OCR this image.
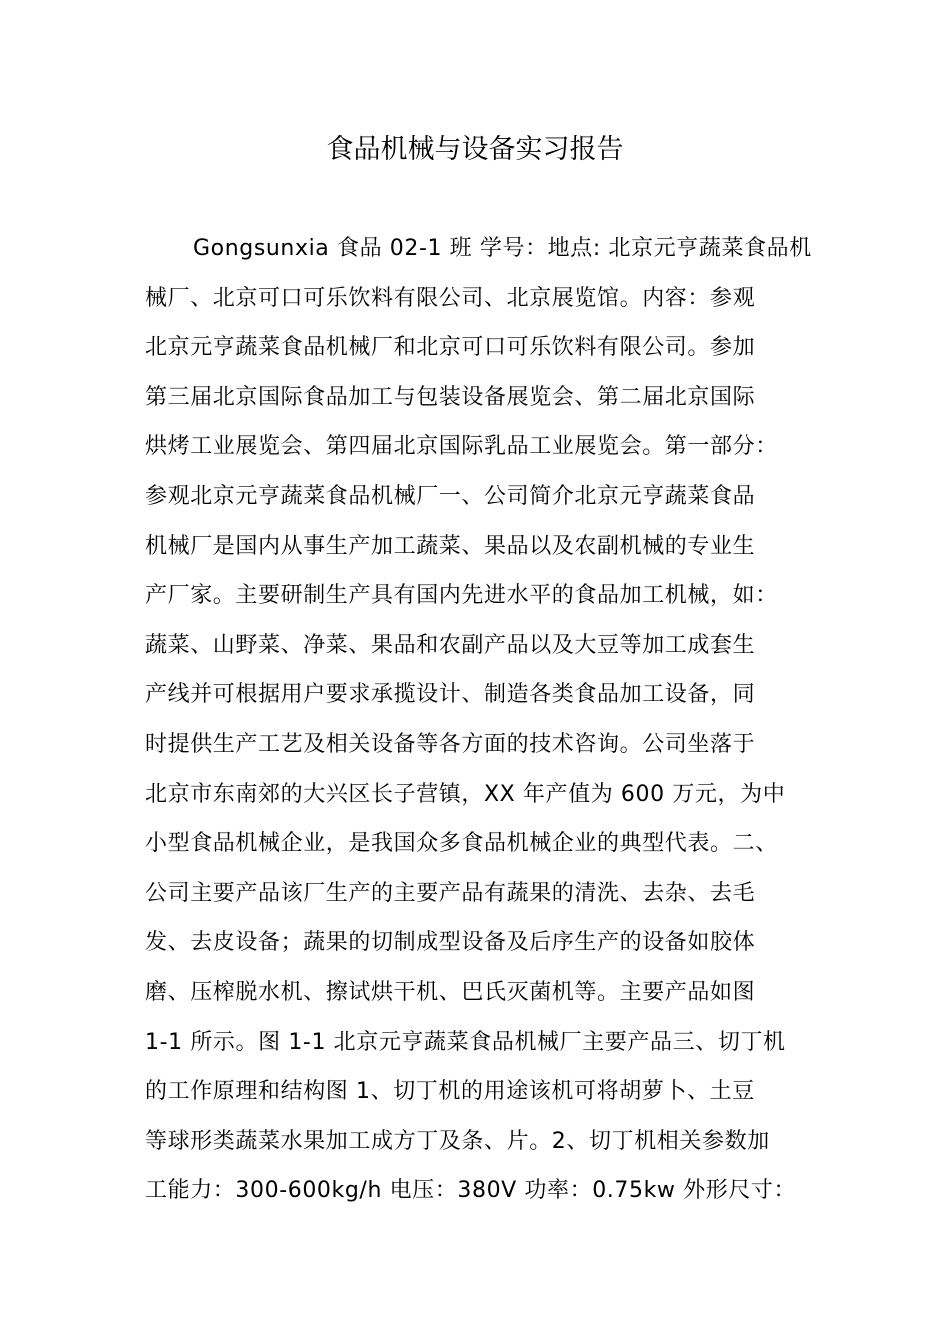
食品机械与设备实习报告
Gongsunxia 食品 02-1 班 学号：地点: 北京元亨蔬菜食品机
械厂、北京可口可乐饮料有限公司、北京展览馆。内容：参观
北京元亨蔬菜食品机械厂和北京可口可乐饮料有限公司。参加
第三届北京国际食品加工与包装设备展览会、第二届北京国际
烘烤工业展览会、第四届北京国际乳品工业展览会。第一部分：
参观北京元亨蔬菜食品机械厂一、公司简介北京元亨蔬菜食品
机械厂是国内从事生产加工蔬菜、果品以及农副机械的专业生
产厂家。主要研制生产具有国内先进水平的食品加工机械，如：
蔬菜、山野菜、净菜、果品和农副产品以及大豆等加工成套生
产线并可根据用户要求承揽设计、制造各类食品加工设备，同
时提供生产工艺及相关设备等各方面的技术咨询。公司坐落于
北京市东南郊的大兴区长子营镇，XX 年产值为 600 万元，为中
小型食品机械企业，是我国众多食品机械企业的典型代表。二、
公司主要产品该厂生产的主要产品有蔬果的清洗、去杂、去毛
发、去皮设备；蔬果的切制成型设备及后序生产的设备如胶体
磨、压榨脱水机、擦试烘干机、巴氏灭菌机等。主要产品如图
1-1 所示。图 1-1 北京元亨蔬菜食品机械厂主要产品三、切丁机
的工作原理和结构图 1、切丁机的用途该机可将胡萝卜、土豆
等球形类蔬菜水果加工成方丁及条、片。2、切丁机相关参数加
工能力：300-600kg/h 电压：380V 功率：0.75kw 外形尺寸：
